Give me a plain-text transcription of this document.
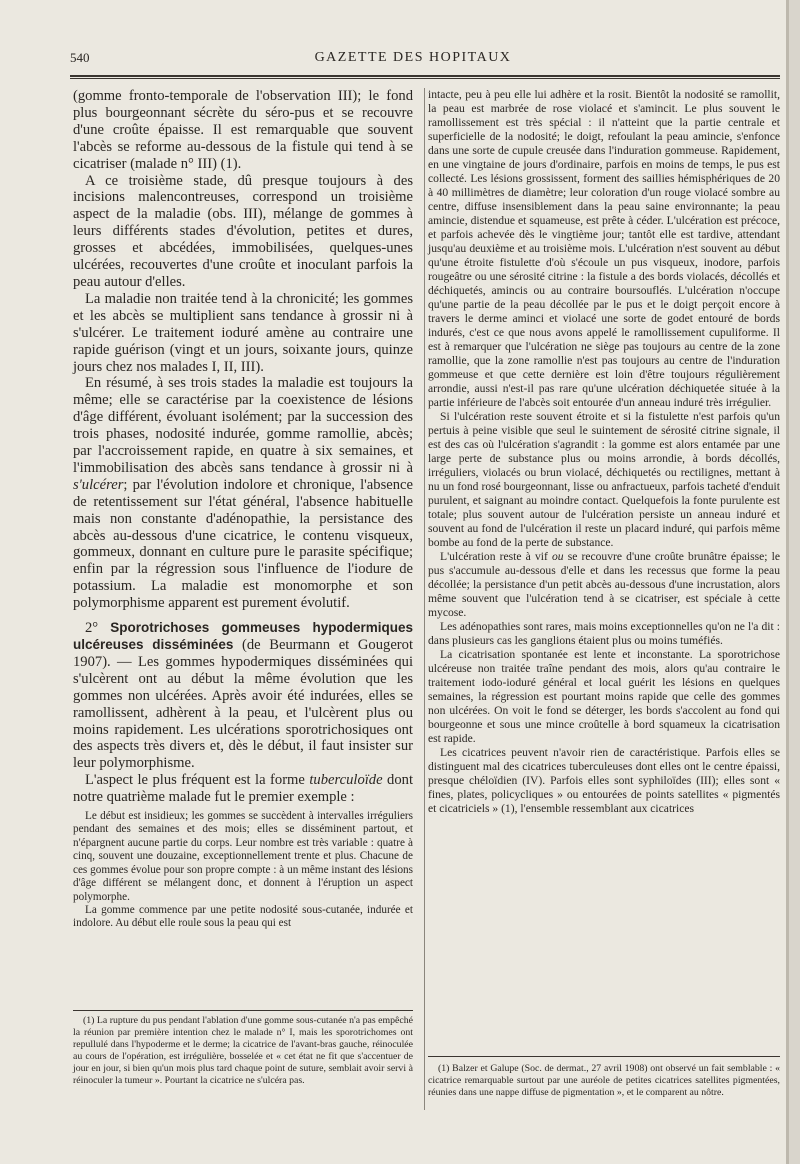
540	GAZETTE DES HOPITAUX

(gomme fronto-temporale de l'observation III); le fond plus bourgeonnant sécrète du séro-pus et se recouvre d'une croûte épaisse. Il est remarquable que souvent l'abcès se reforme au-dessous de la fistule qui tend à se cicatriser (malade n° III) (1).

A ce troisième stade, dû presque toujours à des incisions malencontreuses, correspond un troisième aspect de la maladie (obs. III), mélange de gommes à leurs différents stades d'évolution, petites et dures, grosses et abcédées, immobilisées, quelques-unes ulcérées, recouvertes d'une croûte et inoculant parfois la peau autour d'elles.

La maladie non traitée tend à la chronicité; les gommes et les abcès se multiplient sans tendance à grossir ni à s'ulcérer. Le traitement ioduré amène au contraire une rapide guérison (vingt et un jours, soixante jours, quinze jours chez nos malades I, II, III).

En résumé, à ses trois stades la maladie est toujours la même; elle se caractérise par la coexistence de lésions d'âge différent, évoluant isolément; par la succession des trois phases, nodosité indurée, gomme ramollie, abcès; par l'accroissement rapide, en quatre à six semaines, et l'immobilisation des abcès sans tendance à grossir ni à s'ulcérer; par l'évolution indolore et chronique, l'absence de retentissement sur l'état général, l'absence habituelle mais non constante d'adénopathie, la persistance des abcès au-dessous d'une cicatrice, le contenu visqueux, gommeux, donnant en culture pure le parasite spécifique; enfin par la régression sous l'influence de l'iodure de potassium. La maladie est monomorphe et son polymorphisme apparent est purement évolutif.

2° Sporotrichoses gommeuses hypodermiques ulcéreuses disséminées (de Beurmann et Gougerot 1907). — Les gommes hypodermiques disséminées qui s'ulcèrent ont au début la même évolution que les gommes non ulcérées. Après avoir été indurées, elles se ramollissent, adhèrent à la peau, et l'ulcèrent plus ou moins rapidement. Les ulcérations sporotrichosiques ont des aspects très divers et, dès le début, il faut insister sur leur polymorphisme.

L'aspect le plus fréquent est la forme tuberculoïde dont notre quatrième malade fut le premier exemple :

Le début est insidieux; les gommes se succèdent à intervalles irréguliers pendant des semaines et des mois; elles se disséminent partout, et n'épargnent aucune partie du corps. Leur nombre est très variable : quatre à cinq, souvent une douzaine, exceptionnellement trente et plus. Chacune de ces gommes évolue pour son propre compte : à un même instant des lésions d'âge différent se mélangent donc, et donnent à l'éruption un aspect polymorphe.

La gomme commence par une petite nodosité sous-cutanée, indurée et indolore. Au début elle roule sous la peau qui est

(1) La rupture du pus pendant l'ablation d'une gomme sous-cutanée n'a pas empêché la réunion par première intention chez le malade n° I, mais les sporotrichomes ont repullulé dans l'hypoderme et le derme; la cicatrice de l'avant-bras gauche, réinoculée au cours de l'opération, est irrégulière, bosselée et « cet état ne fit que s'accentuer de jour en jour, si bien qu'un mois plus tard chaque point de suture, semblait avoir servi à réinoculer la tumeur ». Pourtant la cicatrice ne s'ulcéra pas.

intacte, peu à peu elle lui adhère et la rosit. Bientôt la nodosité se ramollit, la peau est marbrée de rose violacé et s'amincit. Le plus souvent le ramollissement est très spécial : il n'atteint que la partie centrale et superficielle de la nodosité; le doigt, refoulant la peau amincie, s'enfonce dans une sorte de cupule creusée dans l'induration gommeuse. Rapidement, en une vingtaine de jours d'ordinaire, parfois en moins de temps, le pus est collecté. Les lésions grossissent, forment des saillies hémisphériques de 20 à 40 millimètres de diamètre; leur coloration d'un rouge violacé sombre au centre, diffuse insensiblement dans la peau saine environnante; la peau amincie, distendue et squameuse, est prête à céder. L'ulcération est précoce, et parfois achevée dès le vingtième jour; tantôt elle est tardive, attendant jusqu'au deuxième et au troisième mois. L'ulcération n'est souvent au début qu'une étroite fistulette d'où s'écoule un pus visqueux, inodore, parfois rougeâtre ou une sérosité citrine : la fistule a des bords violacés, décollés et déchiquetés, amincis ou au contraire boursouflés. L'ulcération n'occupe qu'une partie de la peau décollée par le pus et le doigt perçoit encore à travers le derme aminci et violacé une sorte de godet entouré de bords indurés, c'est ce que nous avons appelé le ramollissement cupuliforme. Il est à remarquer que l'ulcération ne siège pas toujours au centre de la zone ramollie, que la zone ramollie n'est pas toujours au centre de l'induration gommeuse et que cette dernière est loin d'être toujours régulièrement arrondie, aussi n'est-il pas rare qu'une ulcération déchiquetée située à la partie inférieure de l'abcès soit entourée d'un anneau induré très irrégulier.

Si l'ulcération reste souvent étroite et si la fistulette n'est parfois qu'un pertuis à peine visible que seul le suintement de sérosité citrine signale, il est des cas où l'ulcération s'agrandit : la gomme est alors entamée par une large perte de substance plus ou moins arrondie, à bords décollés, irréguliers, violacés ou brun violacé, déchiquetés ou rectilignes, mettant à nu un fond rosé bourgeonnant, lisse ou anfractueux, parfois tacheté d'enduit purulent, et saignant au moindre contact. Quelquefois la fonte purulente est totale; plus souvent autour de l'ulcération persiste un anneau induré et souvent au fond de l'ulcération il reste un placard induré, qui parfois même bombe au fond de la perte de substance.

L'ulcération reste à vif ou se recouvre d'une croûte brunâtre épaisse; le pus s'accumule au-dessous d'elle et dans les recessus que forme la peau décollée; la persistance d'un petit abcès au-dessous d'une incrustation, alors même souvent que l'ulcération tend à se cicatriser, est spéciale à cette mycose.

Les adénopathies sont rares, mais moins exceptionnelles qu'on ne l'a dit : dans plusieurs cas les ganglions étaient plus ou moins tuméfiés.

La cicatrisation spontanée est lente et inconstante. La sporotrichose ulcéreuse non traitée traîne pendant des mois, alors qu'au contraire le traitement iodo-ioduré général et local guérit les lésions en quelques semaines, la régression est pourtant moins rapide que celle des gommes non ulcérées. On voit le fond se déterger, les bords s'accolent au fond qui bourgeonne et sous une mince croûtelle à bord squameux la cicatrisation est rapide.

Les cicatrices peuvent n'avoir rien de caractéristique. Parfois elles se distinguent mal des cicatrices tuberculeuses dont elles ont le centre épaissi, presque chéloïdien (IV). Parfois elles sont syphiloïdes (III); elles sont « fines, plates, policycliques » ou entourées de points satellites « pigmentés et cicatriciels » (1), l'ensemble ressemblant aux cicatrices

(1) Balzer et Galupe (Soc. de dermat., 27 avril 1908) ont observé un fait semblable : « cicatrice remarquable surtout par une auréole de petites cicatrices satellites pigmentées, réunies dans une nappe diffuse de pigmentation », et le comparent au nôtre.
